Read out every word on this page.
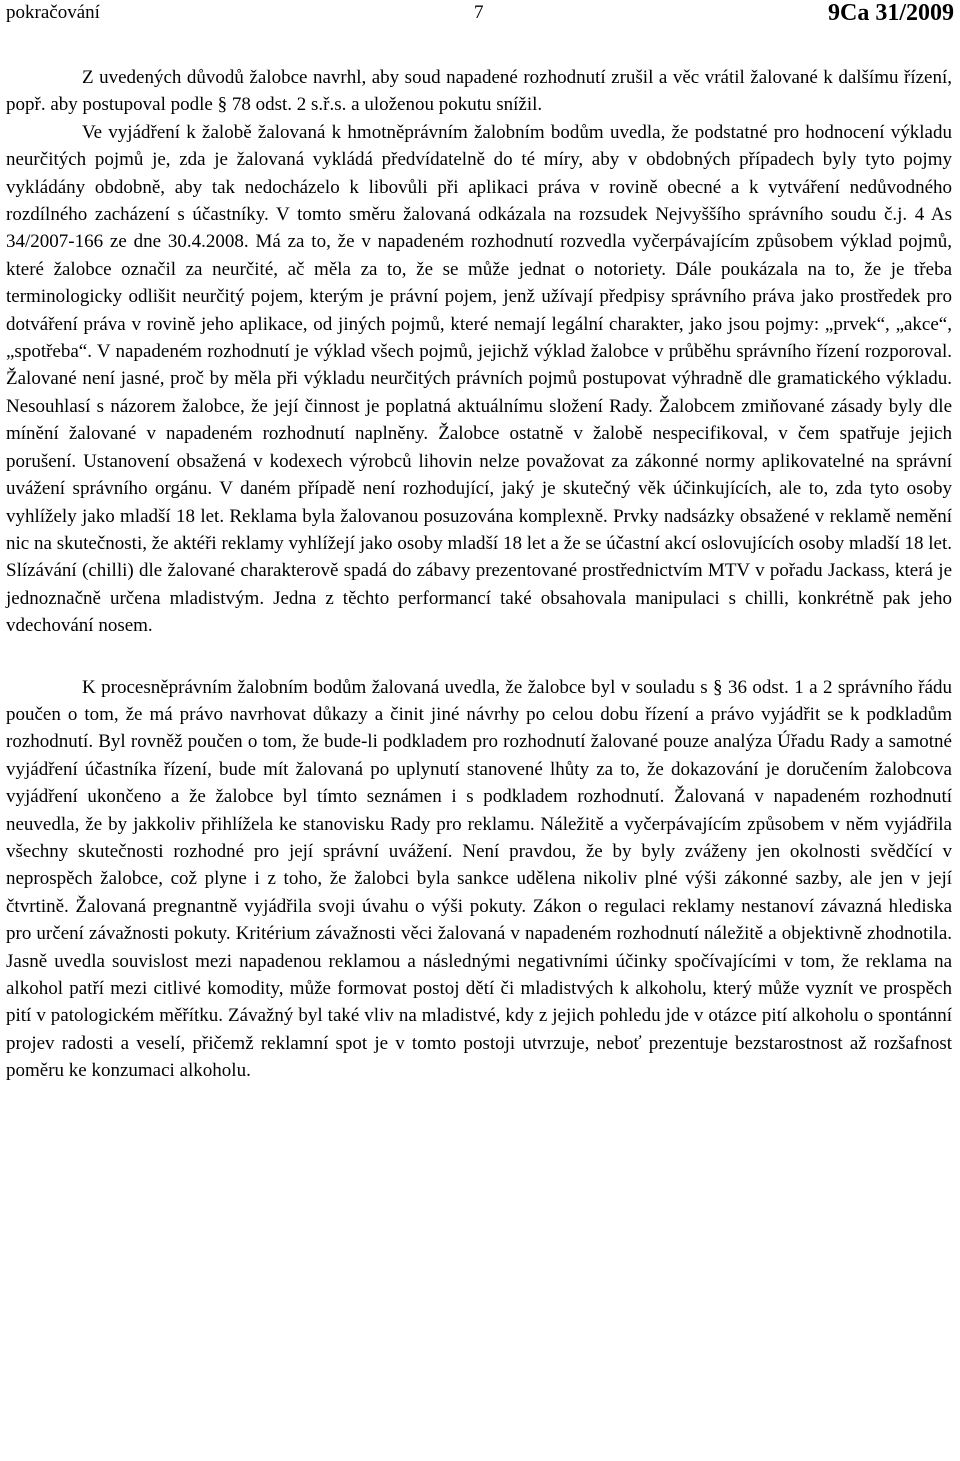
pokračování	7	9Ca 31/2009

Z uvedených důvodů žalobce navrhl, aby soud napadené rozhodnutí zrušil a věc vrátil žalované k dalšímu řízení, popř. aby postupoval podle § 78 odst. 2 s.ř.s. a uloženou pokutu snížil.

Ve vyjádření k žalobě žalovaná k hmotněprávním žalobním bodům uvedla, že podstatné pro hodnocení výkladu neurčitých pojmů je, zda je žalovaná vykládá předvídatelně do té míry, aby v obdobných případech byly tyto pojmy vykládány obdobně, aby tak nedocházelo k libovůli při aplikaci práva v rovině obecné a k vytváření nedůvodného rozdílného zacházení s účastníky. V tomto směru žalovaná odkázala na rozsudek Nejvyššího správního soudu č.j. 4 As 34/2007-166 ze dne 30.4.2008. Má za to, že v napadeném rozhodnutí rozvedla vyčerpávajícím způsobem výklad pojmů, které žalobce označil za neurčité, ač měla za to, že se může jednat o notoriety. Dále poukázala na to, že je třeba terminologicky odlišit neurčitý pojem, kterým je právní pojem, jenž užívají předpisy správního práva jako prostředek pro dotváření práva v rovině jeho aplikace, od jiných pojmů, které nemají legální charakter, jako jsou pojmy: „prvek“, „akce“, „spotřeba“. V napadeném rozhodnutí je výklad všech pojmů, jejichž výklad žalobce v průběhu správního řízení rozporoval. Žalované není jasné, proč by měla při výkladu neurčitých právních pojmů postupovat výhradně dle gramatického výkladu. Nesouhlasí s názorem žalobce, že její činnost je poplatná aktuálnímu složení Rady. Žalobcem zmiňované zásady byly dle mínění žalované v napadeném rozhodnutí naplněny. Žalobce ostatně v žalobě nespecifikoval, v čem spatřuje jejich porušení. Ustanovení obsažená v kodexech výrobců lihovin nelze považovat za zákonné normy aplikovatelné na správní uvážení správního orgánu. V daném případě není rozhodující, jaký je skutečný věk účinkujících, ale to, zda tyto osoby vyhlížely jako mladší 18 let. Reklama byla žalovanou posuzována komplexně. Prvky nadsázky obsažené v reklamě nemění nic na skutečnosti, že aktéři reklamy vyhlížejí jako osoby mladší 18 let a že se účastní akcí oslovujících osoby mladší 18 let. Slízávání (chilli) dle žalované charakterově spadá do zábavy prezentované prostřednictvím MTV v pořadu Jackass, která je jednoznačně určena mladistvým. Jedna z těchto performancí také obsahovala manipulaci s chilli, konkrétně pak jeho vdechování nosem.

K procesněprávním žalobním bodům žalovaná uvedla, že žalobce byl v souladu s § 36 odst. 1 a 2 správního řádu poučen o tom, že má právo navrhovat důkazy a činit jiné návrhy po celou dobu řízení a právo vyjádřit se k podkladům rozhodnutí. Byl rovněž poučen o tom, že bude-li podkladem pro rozhodnutí žalované pouze analýza Úřadu Rady a samotné vyjádření účastníka řízení, bude mít žalovaná po uplynutí stanovené lhůty za to, že dokazování je doručením žalobcova vyjádření ukončeno a že žalobce byl tímto seznámen i s podkladem rozhodnutí. Žalovaná v napadeném rozhodnutí neuvedla, že by jakkoliv přihlížela ke stanovisku Rady pro reklamu. Náležitě a vyčerpávajícím způsobem v něm vyjádřila všechny skutečnosti rozhodné pro její správní uvážení. Není pravdou, že by byly zváženy jen okolnosti svědčící v neprospěch žalobce, což plyne i z toho, že žalobci byla sankce udělena nikoliv plné výši zákonné sazby, ale jen v její čtvrtině. Žalovaná pregnantně vyjádřila svoji úvahu o výši pokuty. Zákon o regulaci reklamy nestanoví závazná hlediska pro určení závažnosti pokuty. Kritérium závažnosti věci žalovaná v napadeném rozhodnutí náležitě a objektivně zhodnotila. Jasně uvedla souvislost mezi napadenou reklamou a následnými negativními účinky spočívajícími v tom, že reklama na alkohol patří mezi citlivé komodity, může formovat postoj dětí či mladistvých k alkoholu, který může vyznít ve prospěch pití v patologickém měřítku. Závažný byl také vliv na mladistvé, kdy z jejich pohledu jde v otázce pití alkoholu o spontánní projev radosti a veselí, přičemž reklamní spot je v tomto postoji utvrzuje, neboť prezentuje bezstarostnost až rozšafnost poměru ke konzumaci alkoholu.
